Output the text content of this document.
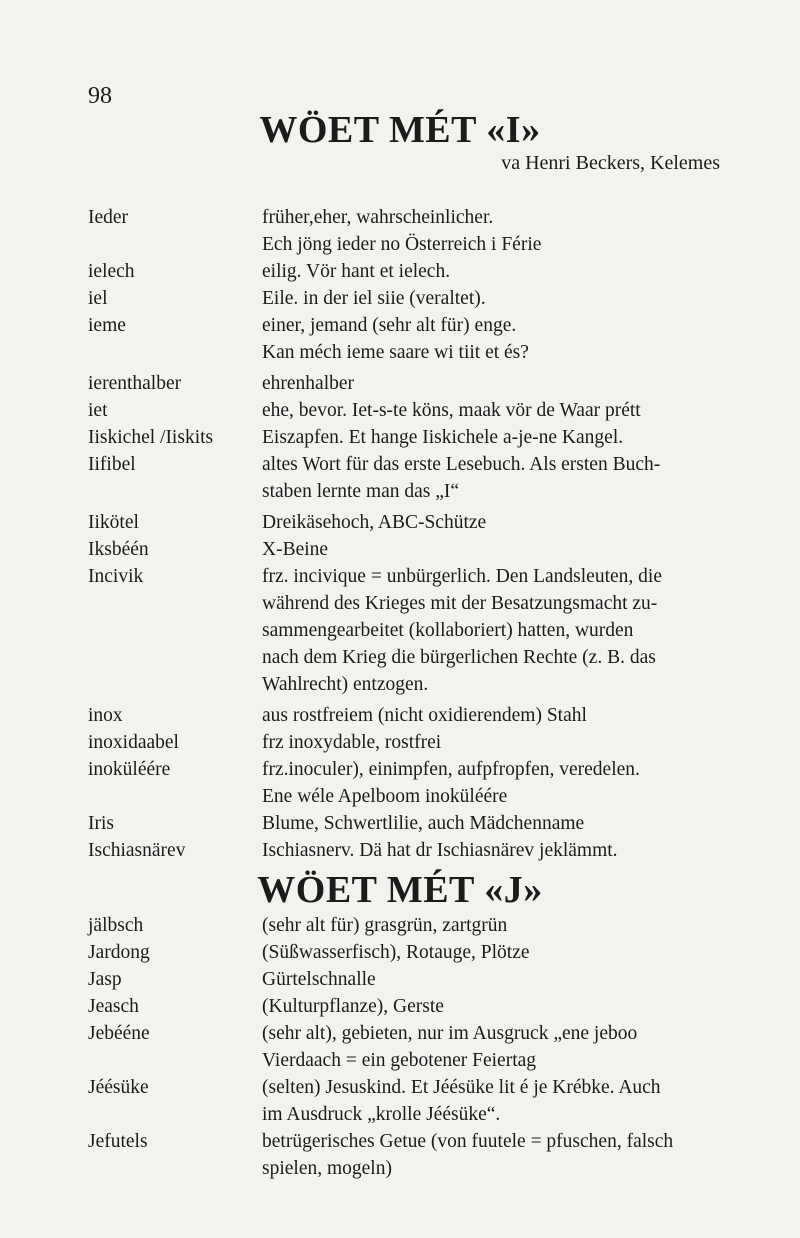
98
WÖET MÉT «I»
va Henri Beckers, Kelemes
Ieder	früher,eher, wahrscheinlicher.
Ech jöng ieder no Österreich i Férie
ielech	eilig. Vör hant et ielech.
iel	Eile. in der iel siie (veraltet).
ieme	einer, jemand (sehr alt für) enge.
Kan méch ieme saare wi tiit et és?
ierenthalber	ehrenhalber
iet	ehe, bevor. Iet-s-te köns, maak vör de Waar prétt
Iiskichel /Iiskits	Eiszapfen. Et hange Iiskichele a-je-ne Kangel.
Iifibel	altes Wort für das erste Lesebuch. Als ersten Buch-
staben lernte man das „I“
Iikötel	Dreikäsehoch, ABC-Schütze
Iksbéén	X-Beine
Incivik	frz. incivique = unbürgerlich. Den Landsleuten, die
während des Krieges mit der Besatzungsmacht zu-
sammengearbeitet (kollaboriert) hatten, wurden
nach dem Krieg die bürgerlichen Rechte (z. B. das
Wahlrecht) entzogen.
inox	aus rostfreiem (nicht oxidierendem) Stahl
inoxidaabel	frz inoxydable, rostfrei
inoküléére	frz.inoculer), einimpfen, aufpfropfen, veredelen.
Ene wéle Apelboom inoküléére
Iris	Blume, Schwertlilie, auch Mädchenname
Ischiasnärev	Ischiasnerv. Dä hat dr Ischiasnärev jeklämmt.
WÖET MÉT «J»
jälbsch	(sehr alt für) grasgrün, zartgrün
Jardong	(Süßwasserfisch), Rotauge, Plötze
Jasp	Gürtelschnalle
Jeasch	(Kulturpflanze), Gerste
Jebééne	(sehr alt), gebieten, nur im Ausgruck „ene jeboo
Vierdaach = ein gebotener Feiertag
Jéésüke	(selten) Jesuskind. Et Jéésüke lit é je Krébke. Auch
im Ausdruck „krolle Jéésüke“.
Jefutels	betrügerisches Getue (von fuutele = pfuschen, falsch
spielen, mogeln)
